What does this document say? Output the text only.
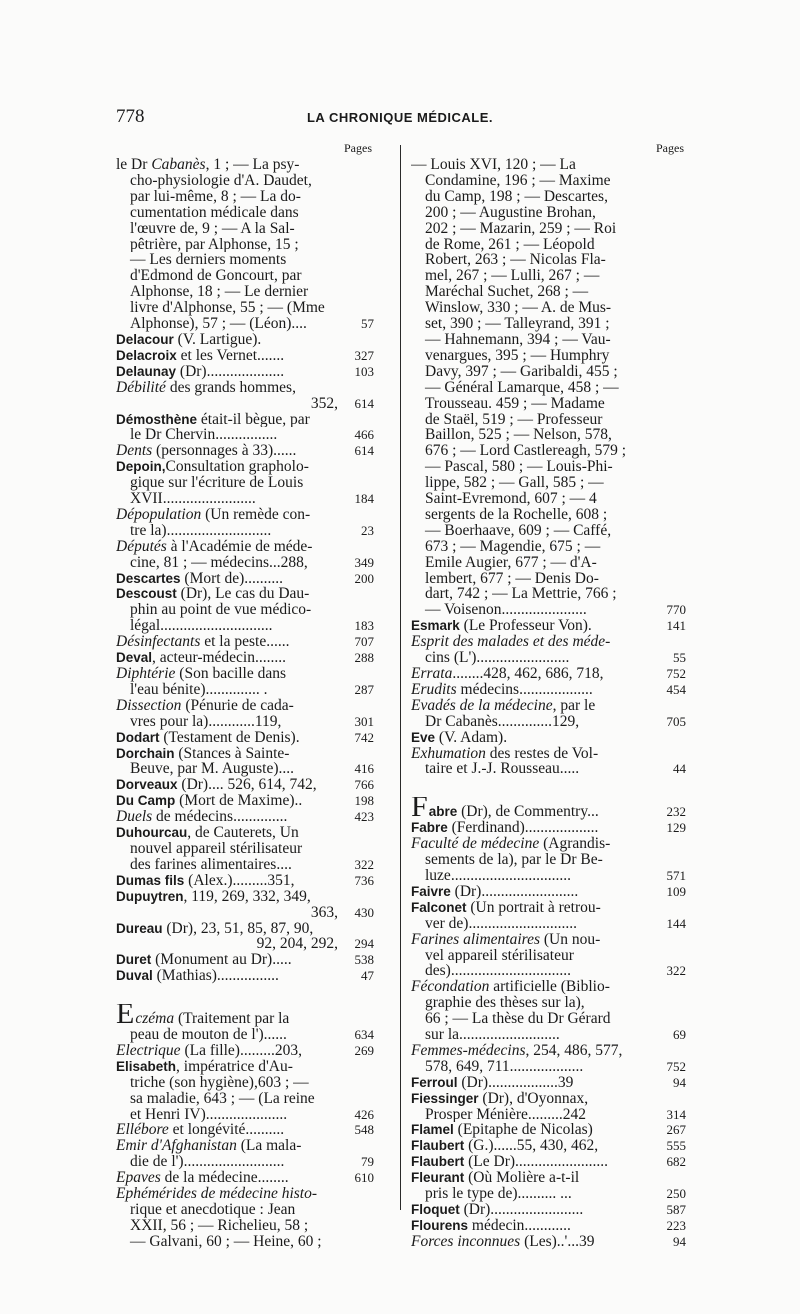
778	LA CHRONIQUE MÉDICALE.
Pages
le Dr Cabanès, 1 ; — La psy-
cho-physiologie d'A. Daudet,
par lui-même, 8 ; — La do-
cumentation médicale dans
l'œuvre de, 9 ; — A la Sal-
pêtrière, par Alphonse, 15 ;
— Les derniers moments
d'Edmond de Goncourt, par
Alphonse, 18 ; — Le dernier
livre d'Alphonse, 55 ; — (Mme
Alphonse), 57 ; — (Léon)....	57
Delacour (V. Lartigue).
Delacroix et les Vernet.......	327
Delaunay (Dr)....................	103
Débilité des grands hommes,
352,	614
Démosthène était-il bègue, par
le Dr Chervin................	466
Dents (personnages à 33)......	614
Depoin,Consultation grapholo-
gique sur l'écriture de Louis
XVII........................	184
Dépopulation (Un remède con-
tre la)...........................	23
Députés à l'Académie de méde-
cine, 81 ; — médecins...288,	349
Descartes (Mort de)..........	200
Descoust (Dr), Le cas du Dau-
phin au point de vue médico-
légal.............................	183
Désinfectants et la peste......	707
Deval, acteur-médecin........	288
Diphtérie (Son bacille dans
l'eau bénite).............. .	287
Dissection (Pénurie de cada-
vres pour la)............119,	301
Dodart (Testament de Denis).	742
Dorchain (Stances à Sainte-
Beuve, par M. Auguste)....	416
Dorveaux (Dr).... 526, 614, 742,	766
Du Camp (Mort de Maxime)..	198
Duels de médecins..............	423
Duhourcau, de Cauterets, Un
nouvel appareil stérilisateur
des farines alimentaires....	322
Dumas fils (Alex.).........351,	736
Dupuytren, 119, 269, 332, 349,
363,	430
Dureau (Dr), 23, 51, 85, 87, 90,
92, 204, 292,	294
Duret (Monument au Dr).....	538
Duval (Mathias)................	47
Eczéma (Traitement par la
peau de mouton de l')......	634
Electrique (La fille).........203,	269
Elisabeth, impératrice d'Au-
triche (son hygiène),603 ; —
sa maladie, 643 ; — (La reine
et Henri IV).....................	426
Ellébore et longévité..........	548
Emir d'Afghanistan (La mala-
die de l')..........................	79
Epaves de la médecine........	610
Ephémérides de médecine histo-
rique et anecdotique : Jean
XXII, 56 ; — Richelieu, 58 ;
— Galvani, 60 ; — Heine, 60 ;
Pages
— Louis XVI, 120 ; — La
Condamine, 196 ; — Maxime
du Camp, 198 ; — Descartes,
200 ; — Augustine Brohan,
202 ; — Mazarin, 259 ; — Roi
de Rome, 261 ; — Léopold
Robert, 263 ; — Nicolas Fla-
mel, 267 ; — Lulli, 267 ; —
Maréchal Suchet, 268 ; —
Winslow, 330 ; — A. de Mus-
set, 390 ; — Talleyrand, 391 ;
— Hahnemann, 394 ; — Vau-
venargues, 395 ; — Humphry
Davy, 397 ; — Garibaldi, 455 ;
— Général Lamarque, 458 ; —
Trousseau. 459 ; — Madame
de Staël, 519 ; — Professeur
Baillon, 525 ; — Nelson, 578,
676 ; — Lord Castlereagh, 579 ;
— Pascal, 580 ; — Louis-Phi-
lippe, 582 ; — Gall, 585 ; —
Saint-Evremond, 607 ; — 4
sergents de la Rochelle, 608 ;
— Boerhaave, 609 ; — Caffé,
673 ; — Magendie, 675 ; —
Emile Augier, 677 ; — d'A-
lembert, 677 ; — Denis Do-
dart, 742 ; — La Mettrie, 766 ;
— Voisenon......................	770
Esmark (Le Professeur Von).	141
Esprit des malades et des méde-
cins (L')........................	55
Errata........428, 462, 686, 718,	752
Erudits médecins...................	454
Evadés de la médecine, par le
Dr Cabanès..............129,	705
Eve (V. Adam).
Exhumation des restes de Vol-
taire et J.-J. Rousseau.....	44
Fabre (Dr), de Commentry...	232
Fabre (Ferdinand)...................	129
Faculté de médecine (Agrandis-
sements de la), par le Dr Be-
luze...............................	571
Faivre (Dr).........................	109
Falconet (Un portrait à retrou-
ver de)............................	144
Farines alimentaires (Un nou-
vel appareil stérilisateur
des)...............................	322
Fécondation artificielle (Biblio-
graphie des thèses sur la),
66 ; — La thèse du Dr Gérard
sur la..........................	69
Femmes-médecins, 254, 486, 577,
578, 649, 711...................	752
Ferroul (Dr)..................39	94
Fiessinger (Dr), d'Oyonnax,
Prosper Ménière.........242	314
Flamel (Epitaphe de Nicolas)	267
Flaubert (G.)......55, 430, 462,	555
Flaubert (Le Dr)........................	682
Fleurant (Où Molière a-t-il
pris le type de).......... ...	250
Floquet (Dr)........................	587
Flourens médecin............	223
Forces inconnues (Les)..'...39	94
